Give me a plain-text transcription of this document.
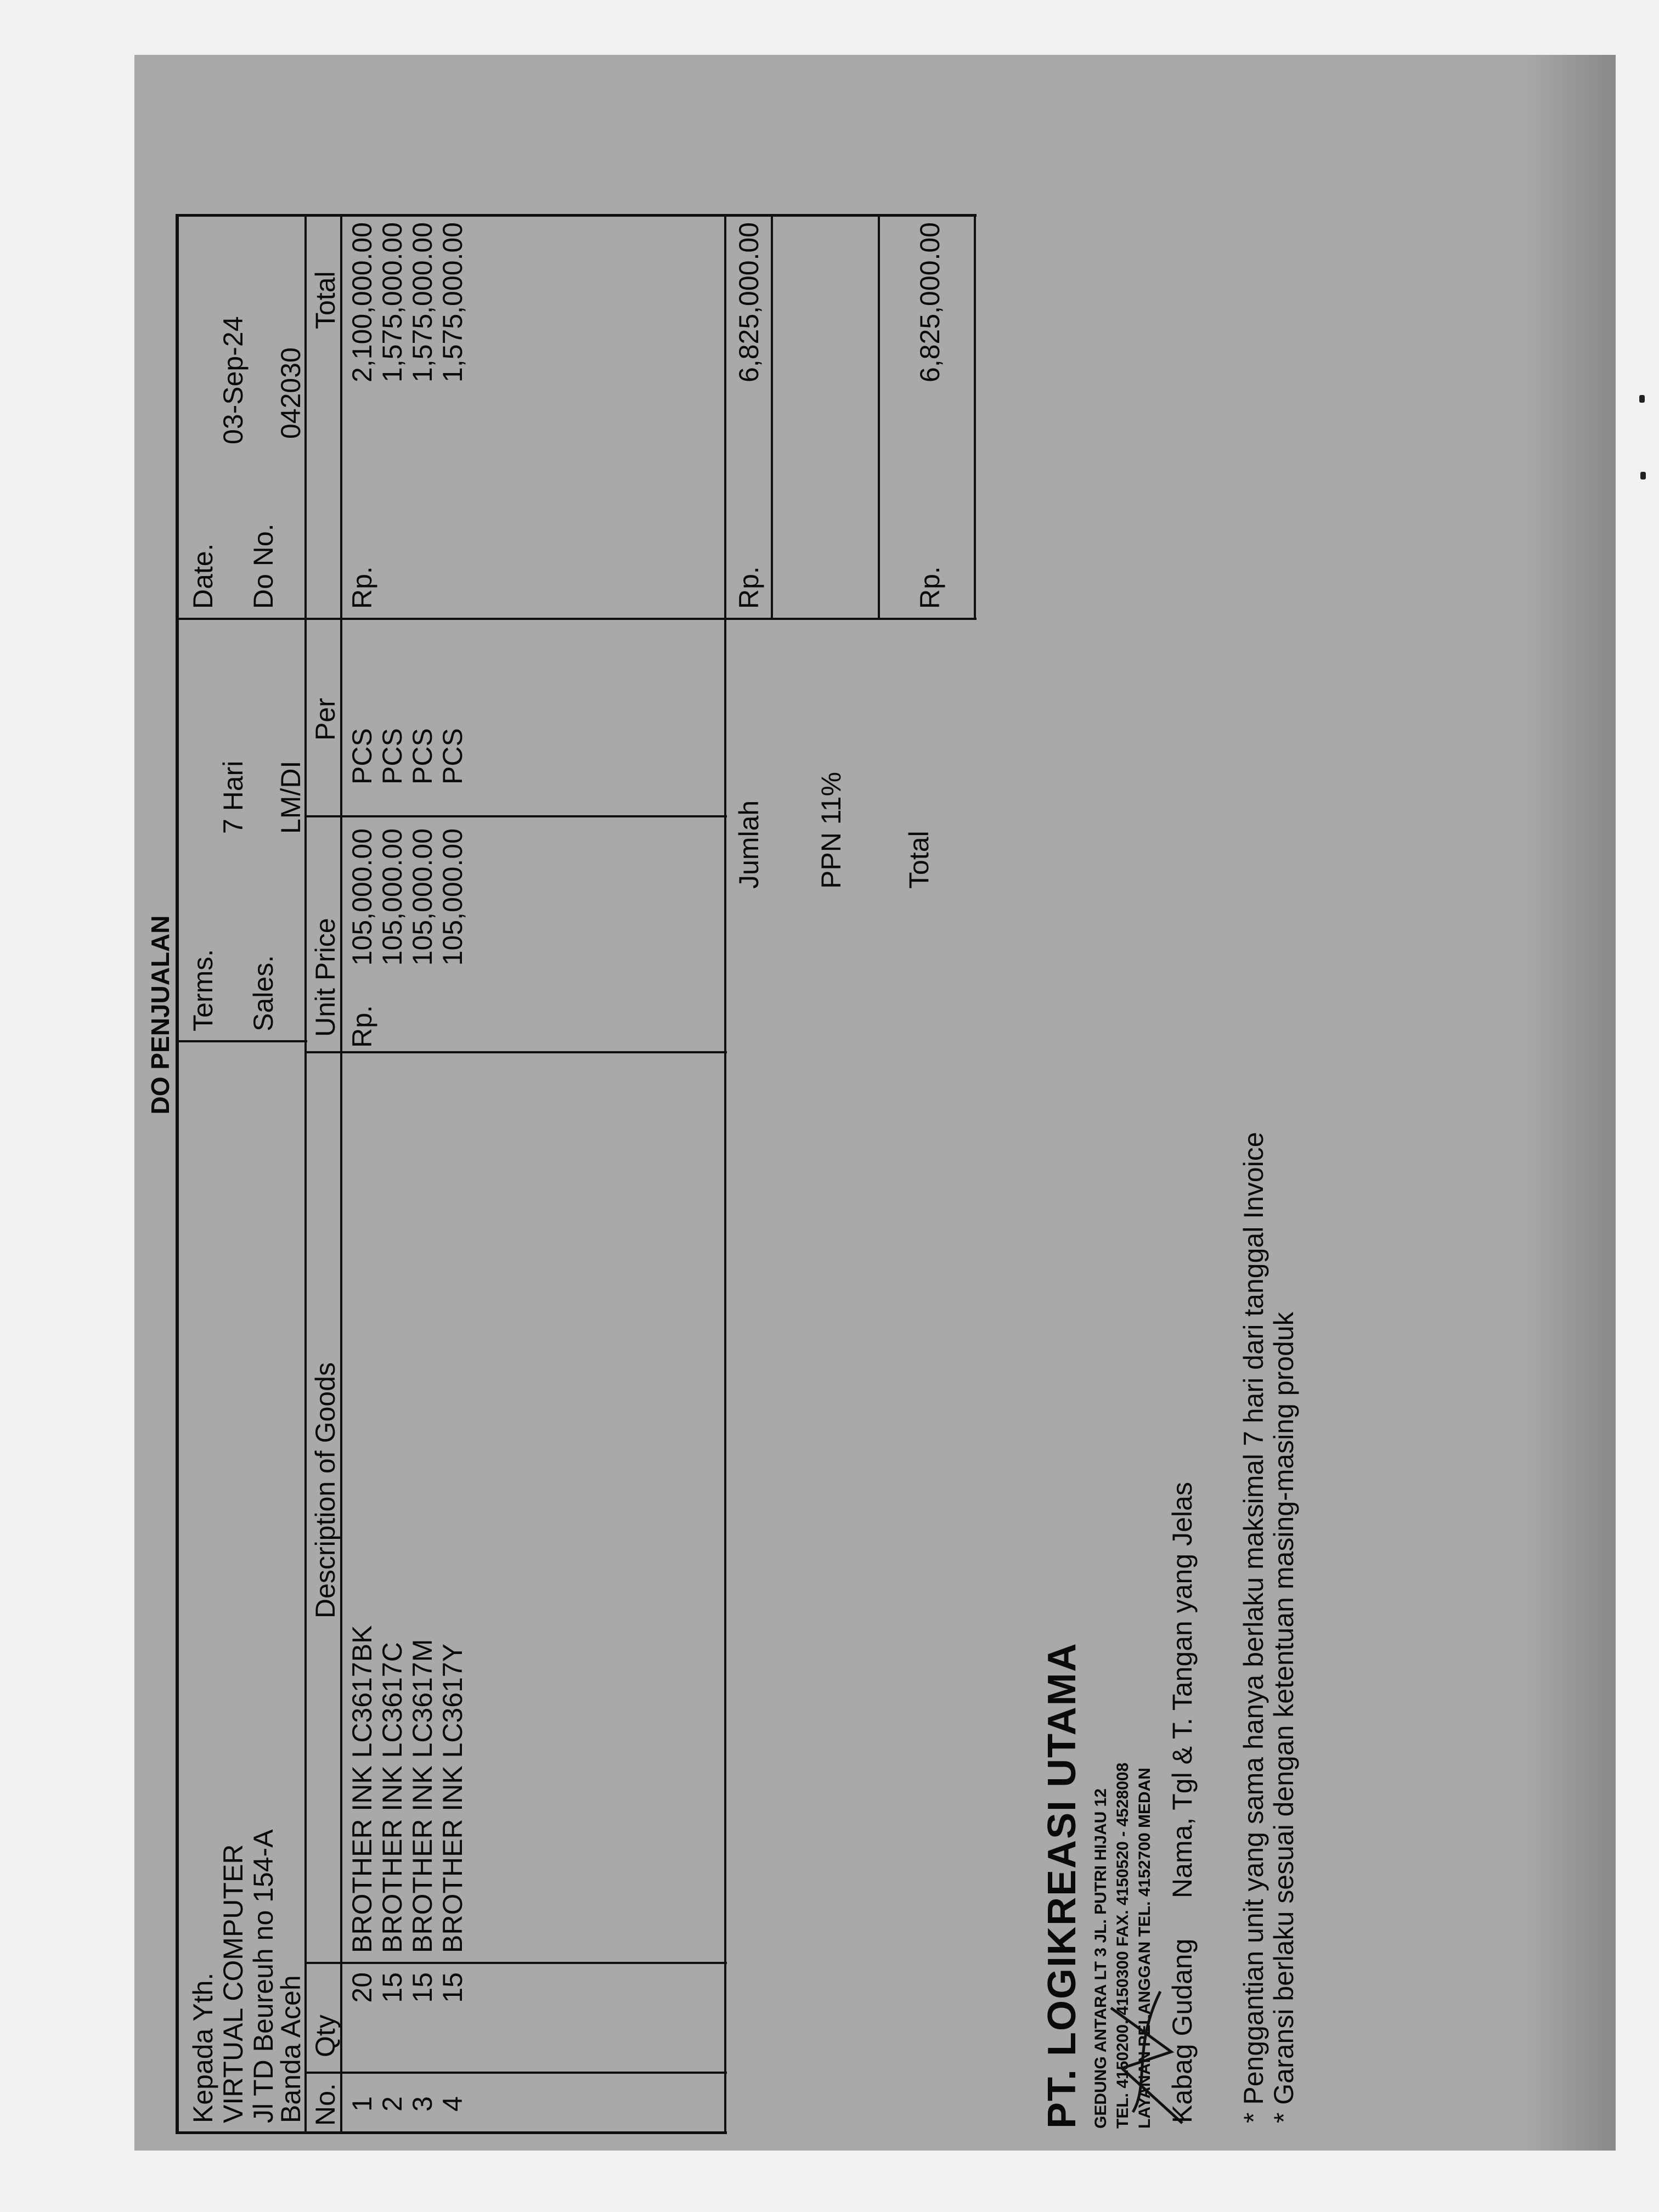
DO PENJUALAN
Kepada Yth. VIRTUAL COMPUTER Jl TD Beureuh no 154-A
Banda Aceh
Terms.
7 Hari
Sales.
LM/DI
Date.
03-Sep-24
Do No.
042030
No.
Qty
Description of Goods
Unit Price
Per
Total
Rp.
Rp.
1
20
BROTHER INK LC3617BK
105,000.00
PCS
2,100,000.00
2
15
BROTHER INK LC3617C
105,000.00
PCS
1,575,000.00
3
15
BROTHER INK LC3617M
105,000.00
PCS
1,575,000.00
4
15
BROTHER INK LC3617Y
105,000.00
PCS
1,575,000.00
Jumlah
Rp.
6,825,000.00
PPN 11% Total
Rp.
6,825,000.00
PT. LOGIKREASI UTAMA GEDUNG ANTARA LT 3 JL. PUTRI HIJAU 12 TEL. 4150200, 4150300 FAX. 4150520 - 4528008 LAYANAN PELANGGAN TEL. 4152700 MEDAN Kabag Gudang
Nama, Tgl & T. Tangan yang Jelas * Penggantian unit yang sama hanya berlaku maksimal 7 hari dari tanggal Invoice * Garansi berlaku sesuai dengan ketentuan masing-masing produk
